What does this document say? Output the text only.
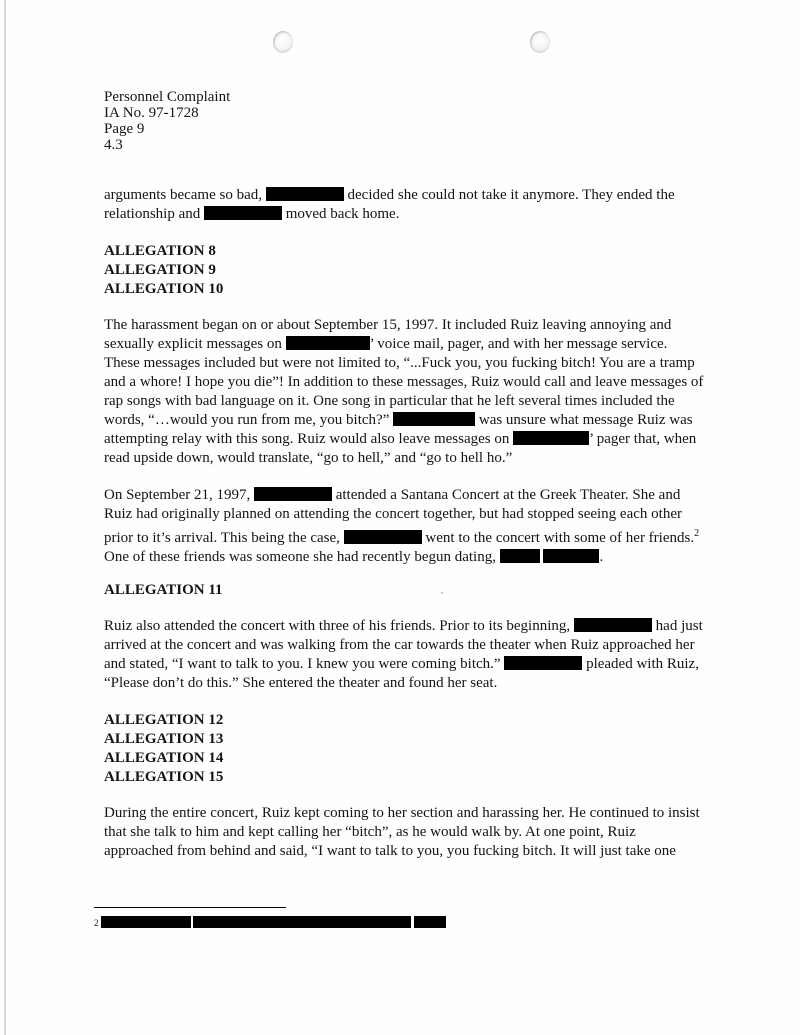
Personnel Complaint
IA No. 97-1728
Page 9
4.3

arguments became so bad,	decided she could not take it anymore. They ended the relationship and	moved back home.

ALLEGATION 8
ALLEGATION 9
ALLEGATION 10

The harassment began on or about September 15, 1997. It included Ruiz leaving annoying and sexually explicit messages on	’ voice mail, pager, and with her message service. These messages included but were not limited to, “...Fuck you, you fucking bitch! You are a tramp and a whore! I hope you die”! In addition to these messages, Ruiz would call and leave messages of rap songs with bad language on it. One song in particular that he left several times included the words, “…would you run from me, you bitch?”	was unsure what message Ruiz was attempting relay with this song. Ruiz would also leave messages on	’ pager that, when read upside down, would translate, “go to hell,” and “go to hell ho.”

On September 21, 1997,	attended a Santana Concert at the Greek Theater. She and Ruiz had originally planned on attending the concert together, but had stopped seeing each other prior to it’s arrival. This being the case,	went to the concert with some of her friends.$^2$ One of these friends was someone she had recently begun dating,	.

ALLEGATION 11

Ruiz also attended the concert with three of his friends. Prior to its beginning,	had just arrived at the concert and was walking from the car towards the theater when Ruiz approached her and stated, “I want to talk to you. I knew you were coming bitch.”	pleaded with Ruiz, “Please don’t do this.” She entered the theater and found her seat.

ALLEGATION 12
ALLEGATION 13
ALLEGATION 14
ALLEGATION 15

During the entire concert, Ruiz kept coming to her section and harassing her. He continued to insist that she talk to him and kept calling her “bitch”, as he would walk by. At one point, Ruiz approached from behind and said, “I want to talk to you, you fucking bitch. It will just take one

$^2$
